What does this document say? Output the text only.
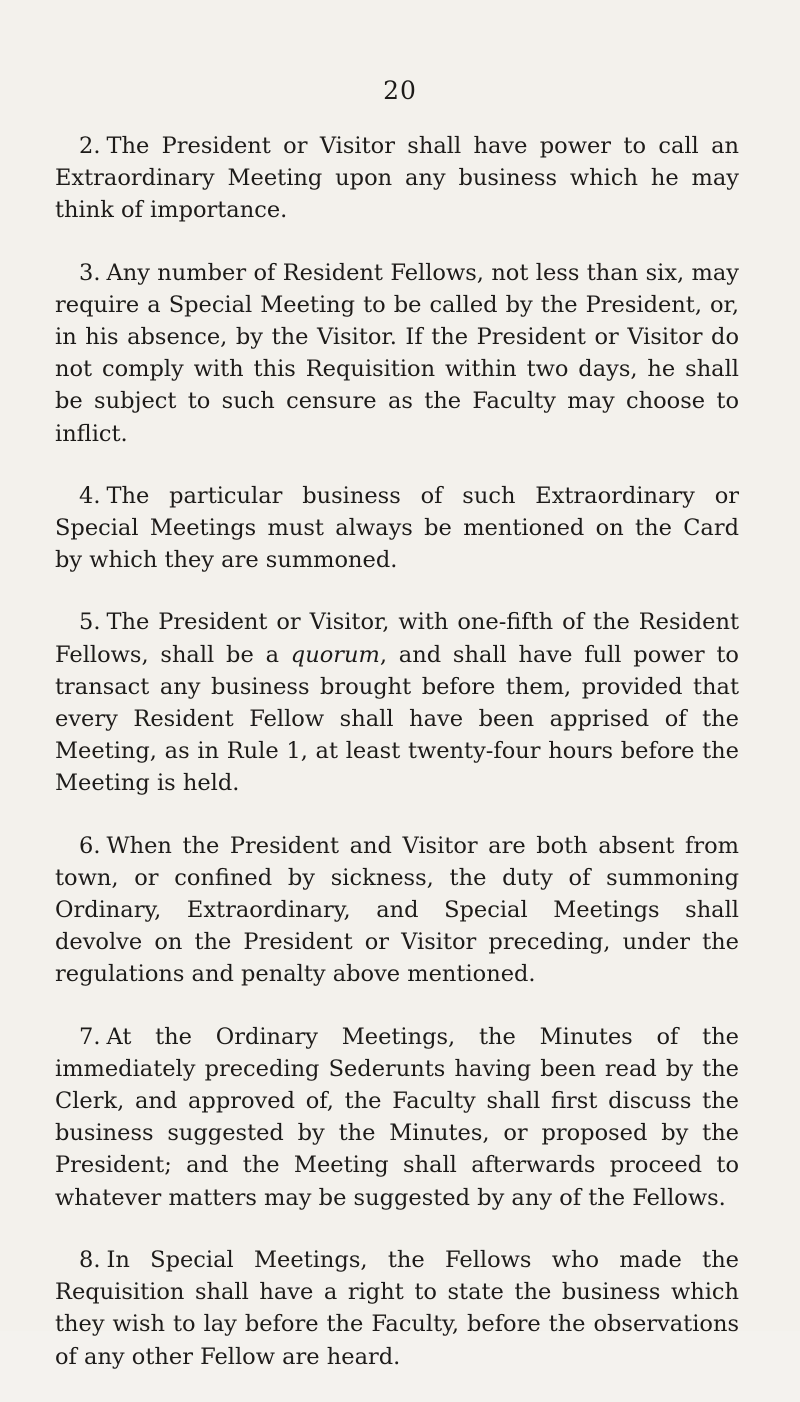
20

2. The President or Visitor shall have power to call an Extraordinary Meeting upon any business which he may think of importance.

3. Any number of Resident Fellows, not less than six, may require a Special Meeting to be called by the President, or, in his absence, by the Visitor. If the President or Visitor do not comply with this Requisition within two days, he shall be subject to such censure as the Faculty may choose to inflict.

4. The particular business of such Extraordinary or Special Meetings must always be mentioned on the Card by which they are summoned.

5. The President or Visitor, with one-fifth of the Resident Fellows, shall be a quorum, and shall have full power to transact any business brought before them, provided that every Resident Fellow shall have been apprised of the Meeting, as in Rule 1, at least twenty-four hours before the Meeting is held.

6. When the President and Visitor are both absent from town, or confined by sickness, the duty of summoning Ordinary, Extraordinary, and Special Meetings shall devolve on the President or Visitor preceding, under the regulations and penalty above mentioned.

7. At the Ordinary Meetings, the Minutes of the immediately preceding Sederunts having been read by the Clerk, and approved of, the Faculty shall first discuss the business suggested by the Minutes, or proposed by the President; and the Meeting shall afterwards proceed to whatever matters may be suggested by any of the Fellows.

8. In Special Meetings, the Fellows who made the Requisition shall have a right to state the business which they wish to lay before the Faculty, before the observations of any other Fellow are heard.
